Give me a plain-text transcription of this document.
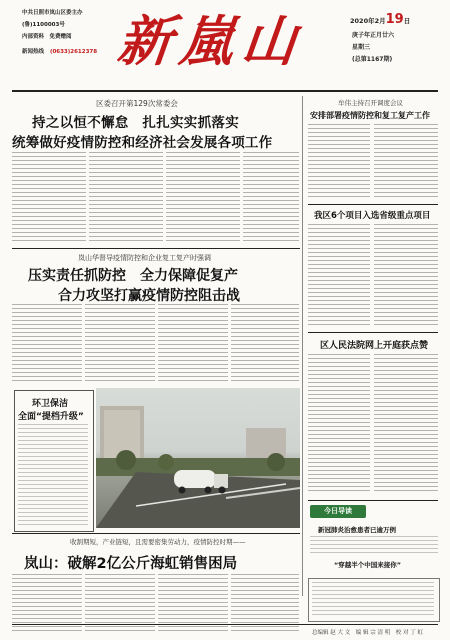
中共日照市岚山区委主办
(鲁)1100003号
内部资料　免费赠阅
新闻热线 (0633)2612378 新嵐山	2020年2月19日
庚子年正月廿六
星期三
(总第1167期)
区委召开第129次常委会
持之以恒不懈怠　扎扎实实抓落实
统筹做好疫情防控和经济社会发展各项工作
岚山华督导疫情防控和企业复工复产时强调
压实责任抓防控　全力保障促复产
合力攻坚打赢疫情防控阻击战
环卫保洁
全面“提档升级”
收割期短，产业链短，且需要密集劳动力，疫情防控时期——
岚山：破解2亿公斤海虹销售困局
牟伟主持召开调度会议
安排部署疫情防控和复工复产工作
我区6个项目入选省级重点项目
区人民法院网上开庭获点赞
今日导读
新冠肺炎治愈患者已逾万例
“穿越半个中国来接你”
总编辑 赵 大 文　编 辑 宗 清 明　校 对 丁 虹
